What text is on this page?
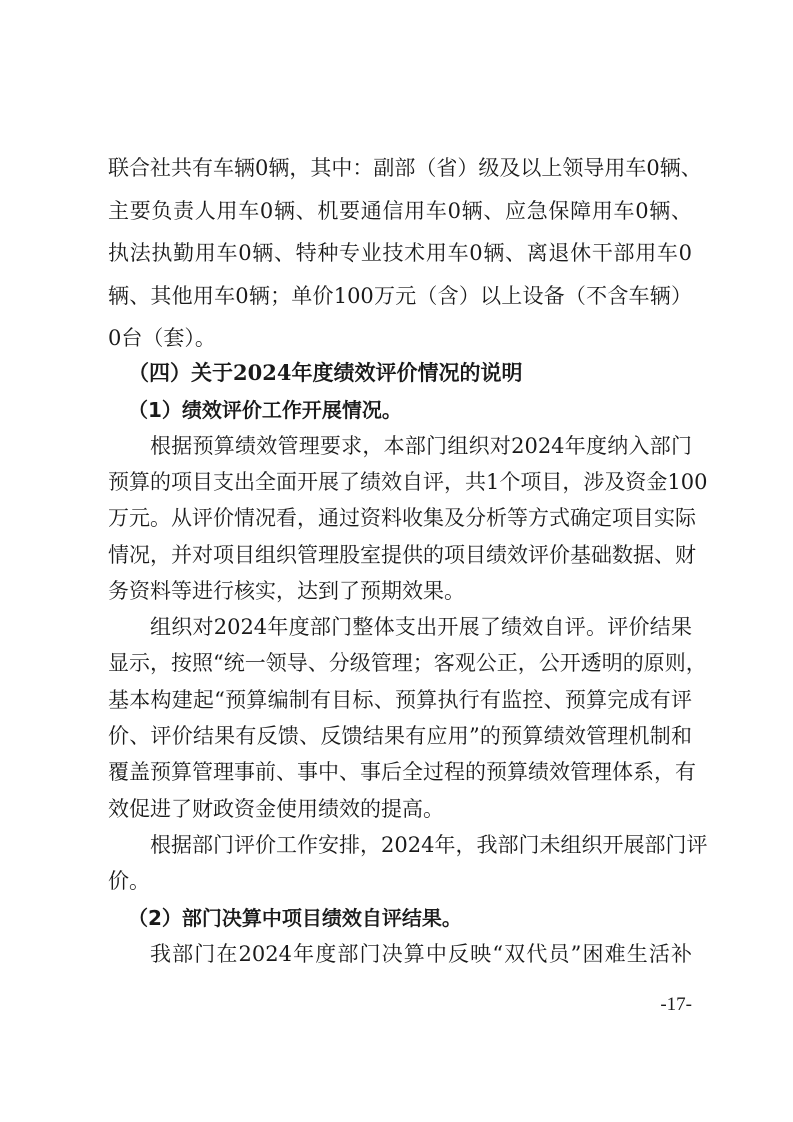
联合社共有车辆0辆，其中：副部（省）级及以上领导用车0辆、
主要负责人用车0辆、机要通信用车0辆、应急保障用车0辆、
执法执勤用车0辆、特种专业技术用车0辆、离退休干部用车0
辆、其他用车0辆；单价100万元（含）以上设备（不含车辆）
0台（套）。
（四）关于2024年度绩效评价情况的说明
（1）绩效评价工作开展情况。
根据预算绩效管理要求，本部门组织对2024年度纳入部门
预算的项目支出全面开展了绩效自评，共1个项目，涉及资金100
万元。从评价情况看，通过资料收集及分析等方式确定项目实际
情况，并对项目组织管理股室提供的项目绩效评价基础数据、财
务资料等进行核实，达到了预期效果。
组织对2024年度部门整体支出开展了绩效自评。评价结果
显示，按照“统一领导、分级管理；客观公正，公开透明的原则，
基本构建起“预算编制有目标、预算执行有监控、预算完成有评
价、评价结果有反馈、反馈结果有应用”的预算绩效管理机制和
覆盖预算管理事前、事中、事后全过程的预算绩效管理体系，有
效促进了财政资金使用绩效的提高。
根据部门评价工作安排，2024年，我部门未组织开展部门评
价。
（2）部门决算中项目绩效自评结果。
我部门在2024年度部门决算中反映“双代员”困难生活补
-17-
